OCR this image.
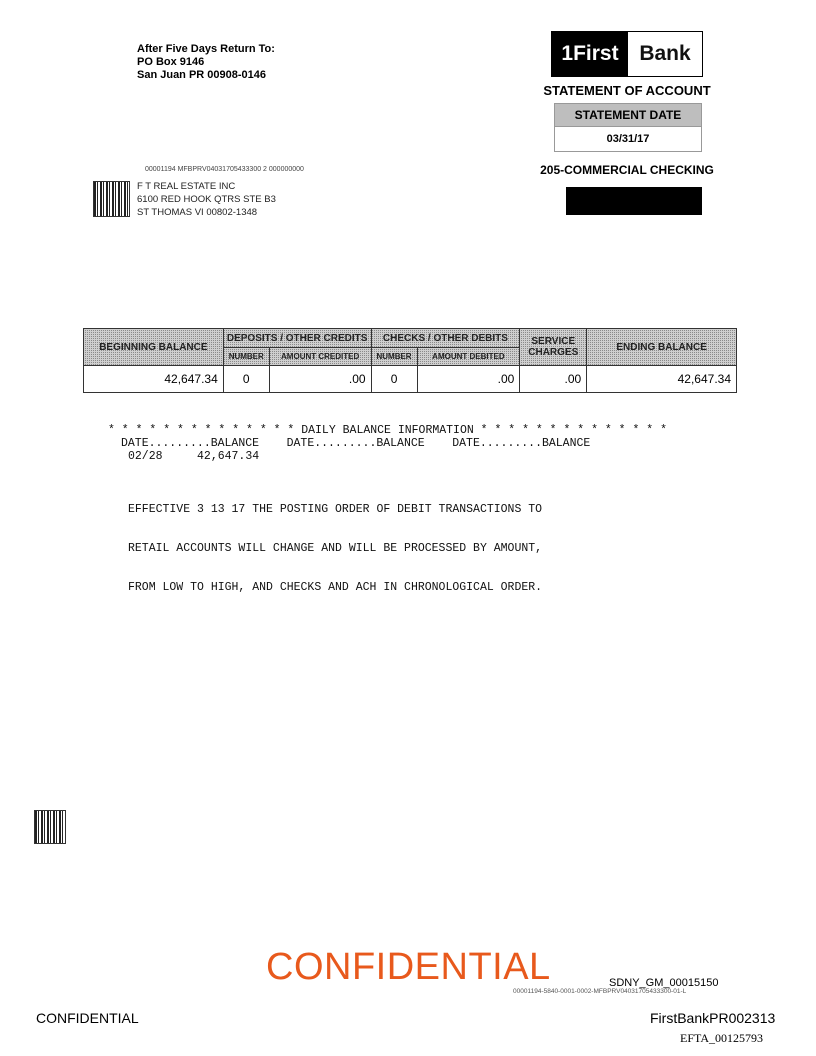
After Five Days Return To:
PO Box 9146
San Juan PR 00908-0146
1First Bank
STATEMENT OF ACCOUNT
STATEMENT DATE
03/31/17
205-COMMERCIAL CHECKING
00001194 MFBPRV04031705433300 2 000000000
F T REAL ESTATE INC
6100 RED HOOK QTRS STE B3
ST THOMAS VI 00802-1348
BEGINNING BALANCE	DEPOSITS / OTHER CREDITS		CHECKS / OTHER DEBITS		SERVICE CHARGES	ENDING BALANCE
	NUMBER	AMOUNT CREDITED	NUMBER	AMOUNT DEBITED		
42,647.34	0	.00	0	.00	.00	42,647.34
* * * * * * * * * * * * * * DAILY BALANCE INFORMATION * * * * * * * * * * * * * *
DATE.........BALANCE    DATE.........BALANCE    DATE.........BALANCE
02/28     42,647.34

EFFECTIVE 3 13 17 THE POSTING ORDER OF DEBIT TRANSACTIONS TO

RETAIL ACCOUNTS WILL CHANGE AND WILL BE PROCESSED BY AMOUNT,

FROM LOW TO HIGH, AND CHECKS AND ACH IN CHRONOLOGICAL ORDER.

CONFIDENTIAL	SDNY_GM_00015150
00001194-5840-0001-0002-MFBPRV04031705433300-01-L
CONFIDENTIAL	FirstBankPR002313
EFTA_00125793
